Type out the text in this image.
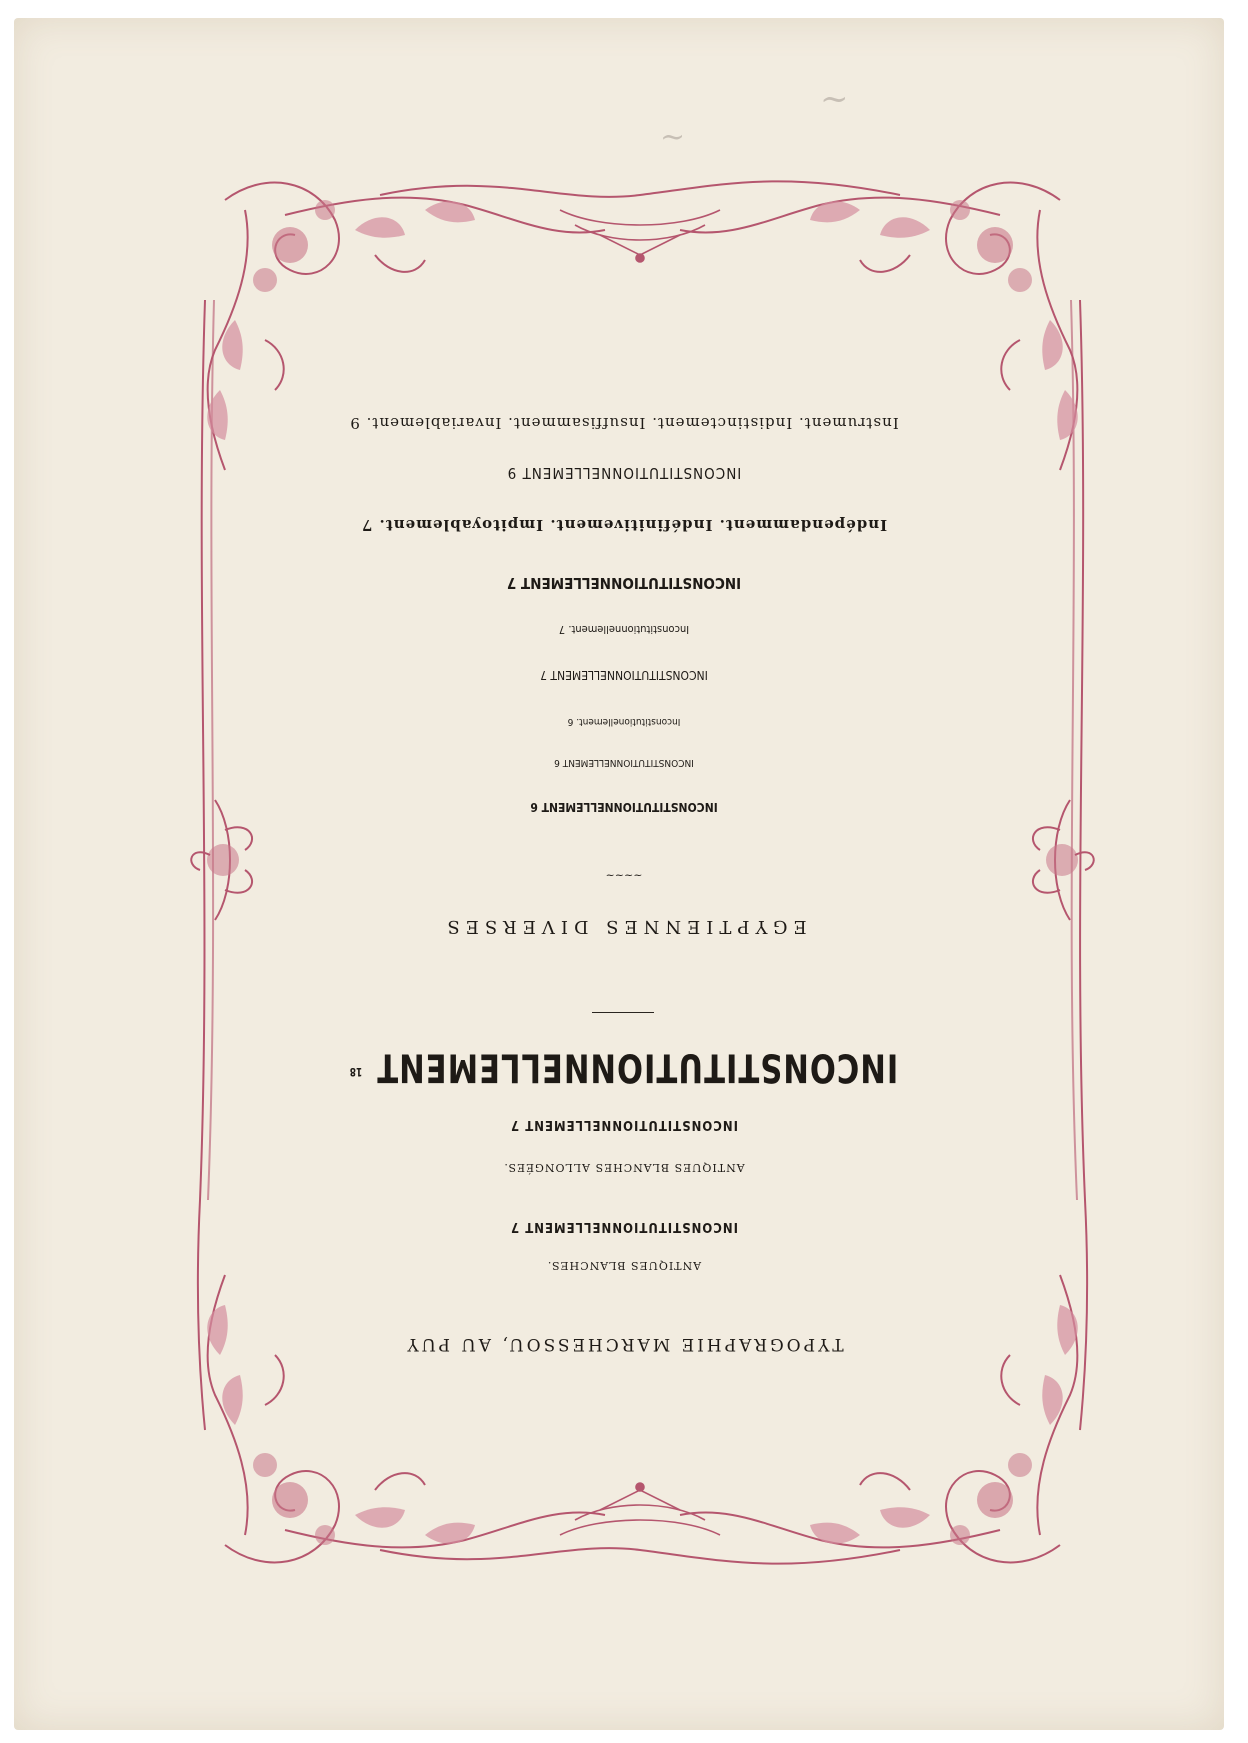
~
~
TYPOGRAPHIE MARCHESSOU, AU PUY
ANTIQUES BLANCHES.
INCONSTITUTIONNELLEMENT 7
ANTIQUES BLANCHES ALLONGÉES.
INCONSTITUTIONNELLEMENT 7
INCONSTITUTIONNELLEMENT$^{18}$
EGYPTIENNES DIVERSES
~~~~
INCONSTITUTIONNELLEMENT 6
INCONSTITUTIONNELLEMENT 6
Inconstitutionellement. 6
INCONSTITUTIONNELLEMENT 7
Inconstitutionnellement. 7
INCONSTITUTIONNELLEMENT 7
Indépendamment. Indéfinitivement. Impitoyablement. 7
INCONSTITUTIONNELLEMENT 9
Instrument. Indistinctement. Insuffisamment. Invariablement. 9
